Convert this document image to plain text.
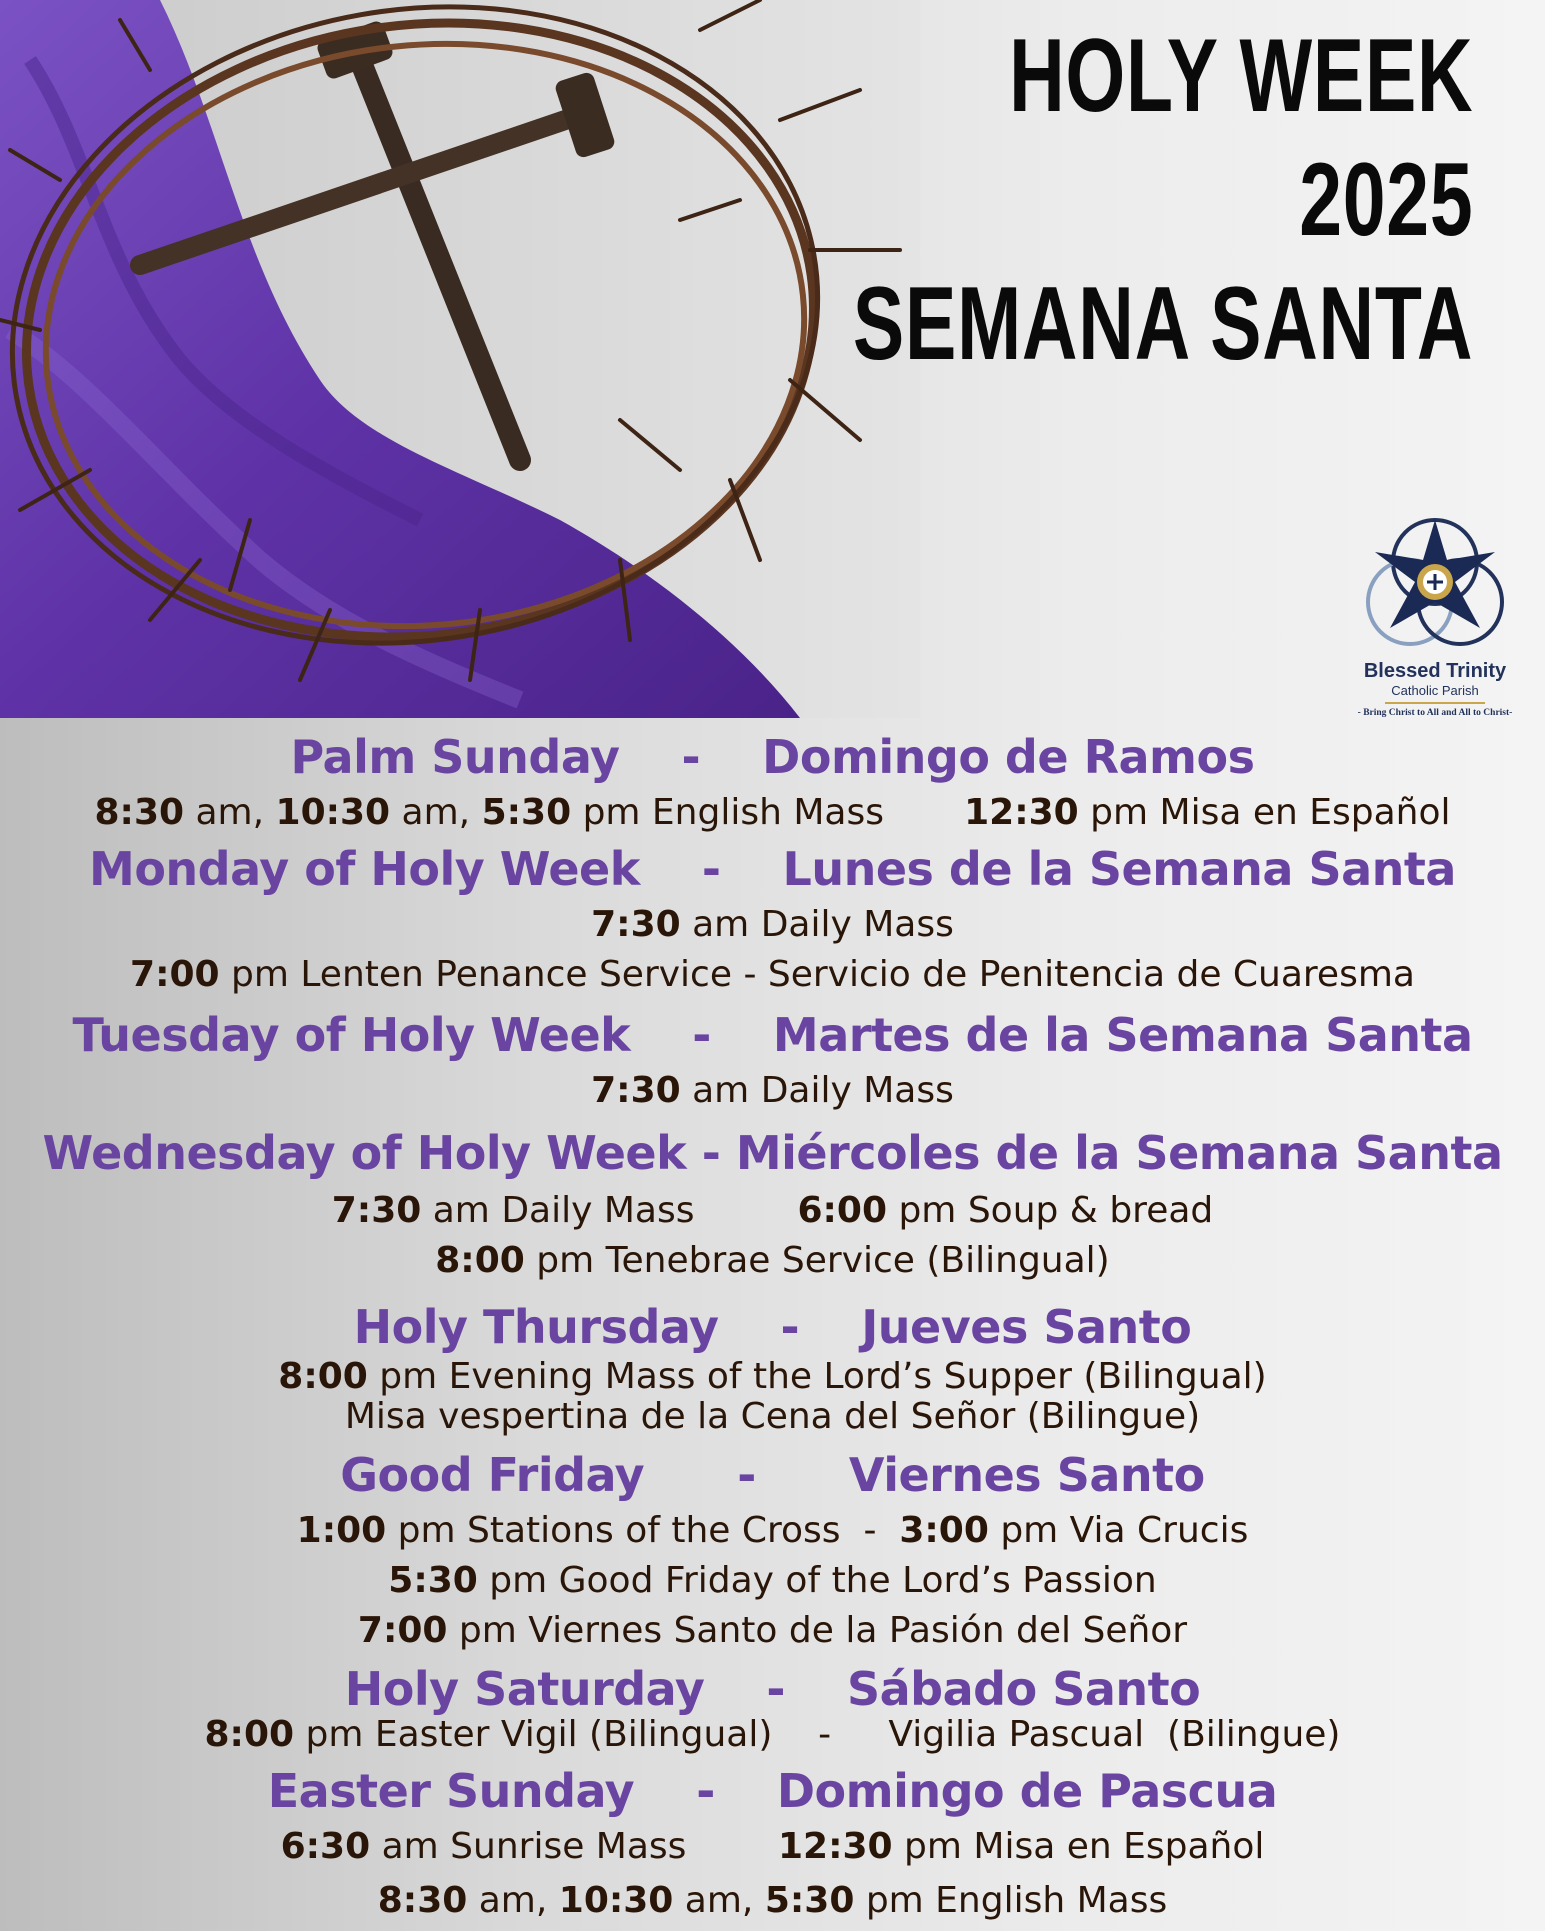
HOLY WEEK
2025
SEMANA SANTA
Blessed Trinity
Catholic Parish
- Bring Christ to All and All to Christ-
Palm Sunday    -    Domingo de Ramos

8:30 am, 10:30 am, 5:30 pm English Mass       12:30 pm Misa en Español

Monday of Holy Week    -    Lunes de la Semana Santa

7:30 am Daily Mass

7:00 pm Lenten Penance Service - Servicio de Penitencia de Cuaresma

Tuesday of Holy Week    -    Martes de la Semana Santa

7:30 am Daily Mass

Wednesday of Holy Week - Miércoles de la Semana Santa

7:30 am Daily Mass         6:00 pm Soup & bread

8:00 pm Tenebrae Service (Bilingual)

Holy Thursday    -    Jueves Santo

8:00 pm Evening Mass of the Lord’s Supper (Bilingual)

Misa vespertina de la Cena del Señor (Bilingue)

Good Friday      -      Viernes Santo

1:00 pm Stations of the Cross  -  3:00 pm Via Crucis

5:30 pm Good Friday of the Lord’s Passion

7:00 pm Viernes Santo de la Pasión del Señor

Holy Saturday    -    Sábado Santo

8:00 pm Easter Vigil (Bilingual)    -     Vigilia Pascual  (Bilingue)

Easter Sunday    -    Domingo de Pascua

6:30 am Sunrise Mass        12:30 pm Misa en Español

8:30 am, 10:30 am, 5:30 pm English Mass
